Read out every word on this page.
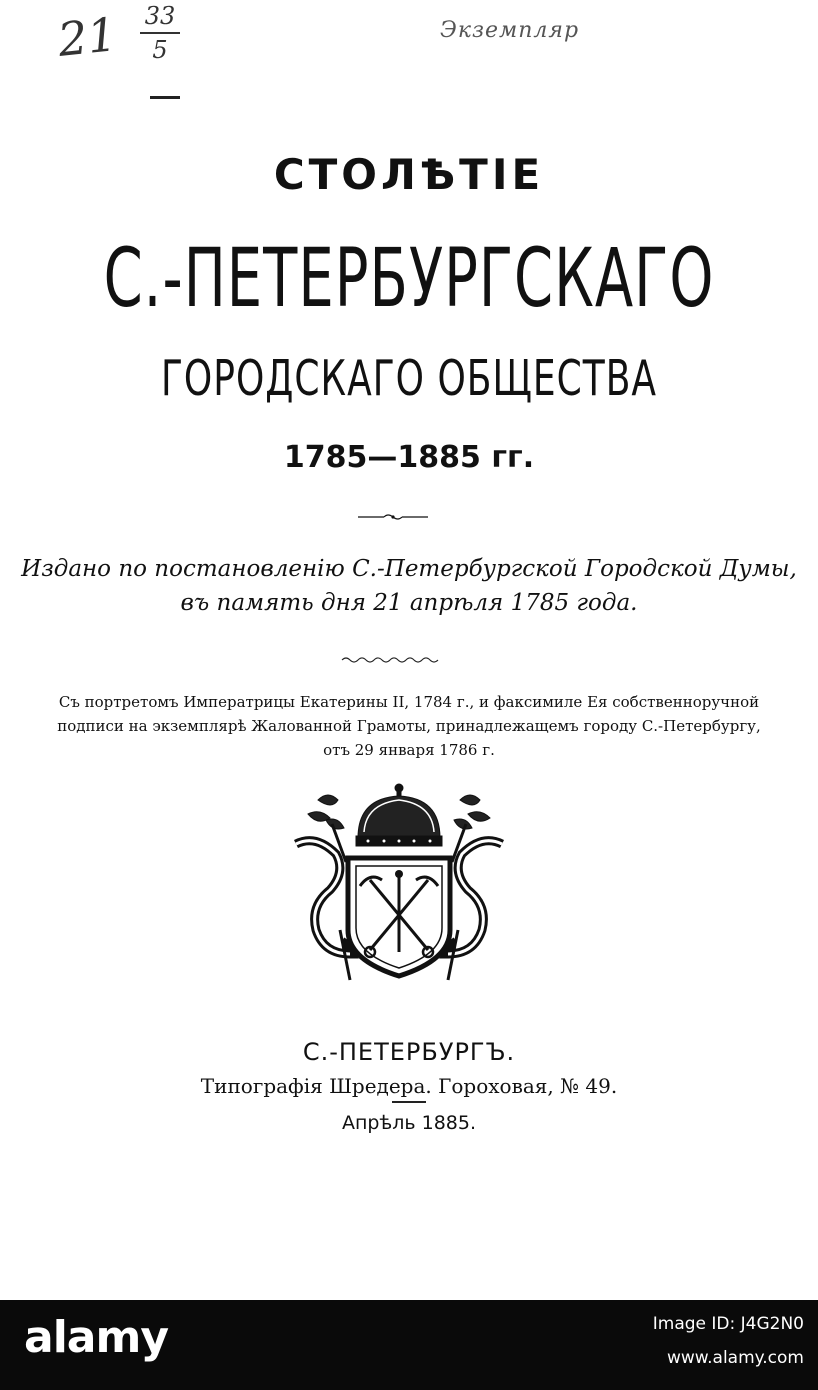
21 33
5
Экземпляр
СТОЛѢТІЕ
С.-ПЕТЕРБУРГСКАГО
ГОРОДСКАГО ОБЩЕСТВА
1785—1885 гг.
Издано по постановленію С.-Петербургской Городской Думы,
въ память дня 21 апрѣля 1785 года.
Съ портретомъ Императрицы Екатерины II, 1784 г., и факсимиле Ея собственноручной
подписи на экземплярѣ Жалованной Грамоты, принадлежащемъ городу С.-Петербургу,
отъ 29 января 1786 г.
С.-ПЕТЕРБУРГЪ.
Типографія Шредера. Гороховая, № 49.
Апрѣль 1885.
alamy	Image ID: J4G2N0
www.alamy.com
